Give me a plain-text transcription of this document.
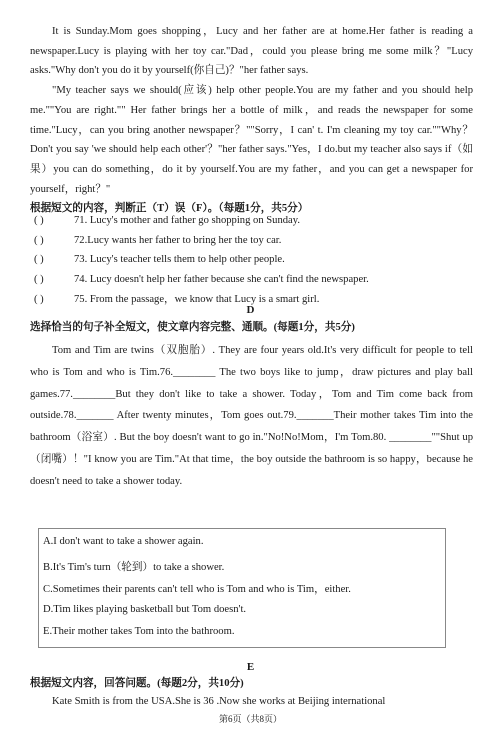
It is Sunday.Mom goes shopping，Lucy and her father are at home.Her father is reading a newspaper.Lucy is playing with her toy car."Dad，could you please bring me some milk？"Lucy asks."Why don't you do it by yourself(你自己)？"her father says.

"My teacher says we should(应该) help other people.You are my father and you should help me.""You are right."" Her father brings her a bottle of milk，and reads the newspaper for some time."Lucy，can you bring another newspaper？""Sorry，I can' t. I'm cleaning my toy car.""Why？ Don't you say 'we should help each other'？"her father says."Yes，I do.but my teacher also says if（如果）you can do something，do it by yourself.You are my father，and you can get a newspaper for yourself，right？"

根据短文的内容，判断正（T）误（F）。（每题1分，共5分）

( )	71. Lucy's mother and father go shopping on Sunday.
( )	72.Lucy wants her father to bring her the toy car.
( )	73. Lucy's teacher tells them to help other people.
( )	74. Lucy doesn't help her father because she can't find the newspaper.
( )	75. From the passage，we know that Lucy is a smart girl.
D

选择恰当的句子补全短文，使文章内容完整、通顺。(每题1分，共5分)

Tom and Tim are twins（双胞胎）. They are four years old.It's very difficult for people to tell who is Tom and who is Tim.76.________ The two boys like to jump，draw pictures and play ball games.77.________But they don't like to take a shower. Today，Tom and Tim come back from outside.78._______ After twenty minutes，Tom goes out.79._______Their mother takes Tim into the bathroom（浴室）. But the boy doesn't want to go in."No!No!Mom，I'm Tom.80. ________""Shut up（闭嘴）！"I know you are Tim."At that time，the boy outside the bathroom is so happy，because he doesn't need to take a shower today.

A.I don't want to take a shower again.
B.It's Tim's turn（轮到）to take a shower.
C.Sometimes their parents can't tell who is Tom and who is Tim，either.
D.Tim likes playing basketball but Tom doesn't.
E.Their mother takes Tom into the bathroom.
E

根据短文内容，回答问题。(每题2分，共10分)

Kate Smith is from the USA.She is 36 .Now she works at Beijing international

第6页（共8页）
